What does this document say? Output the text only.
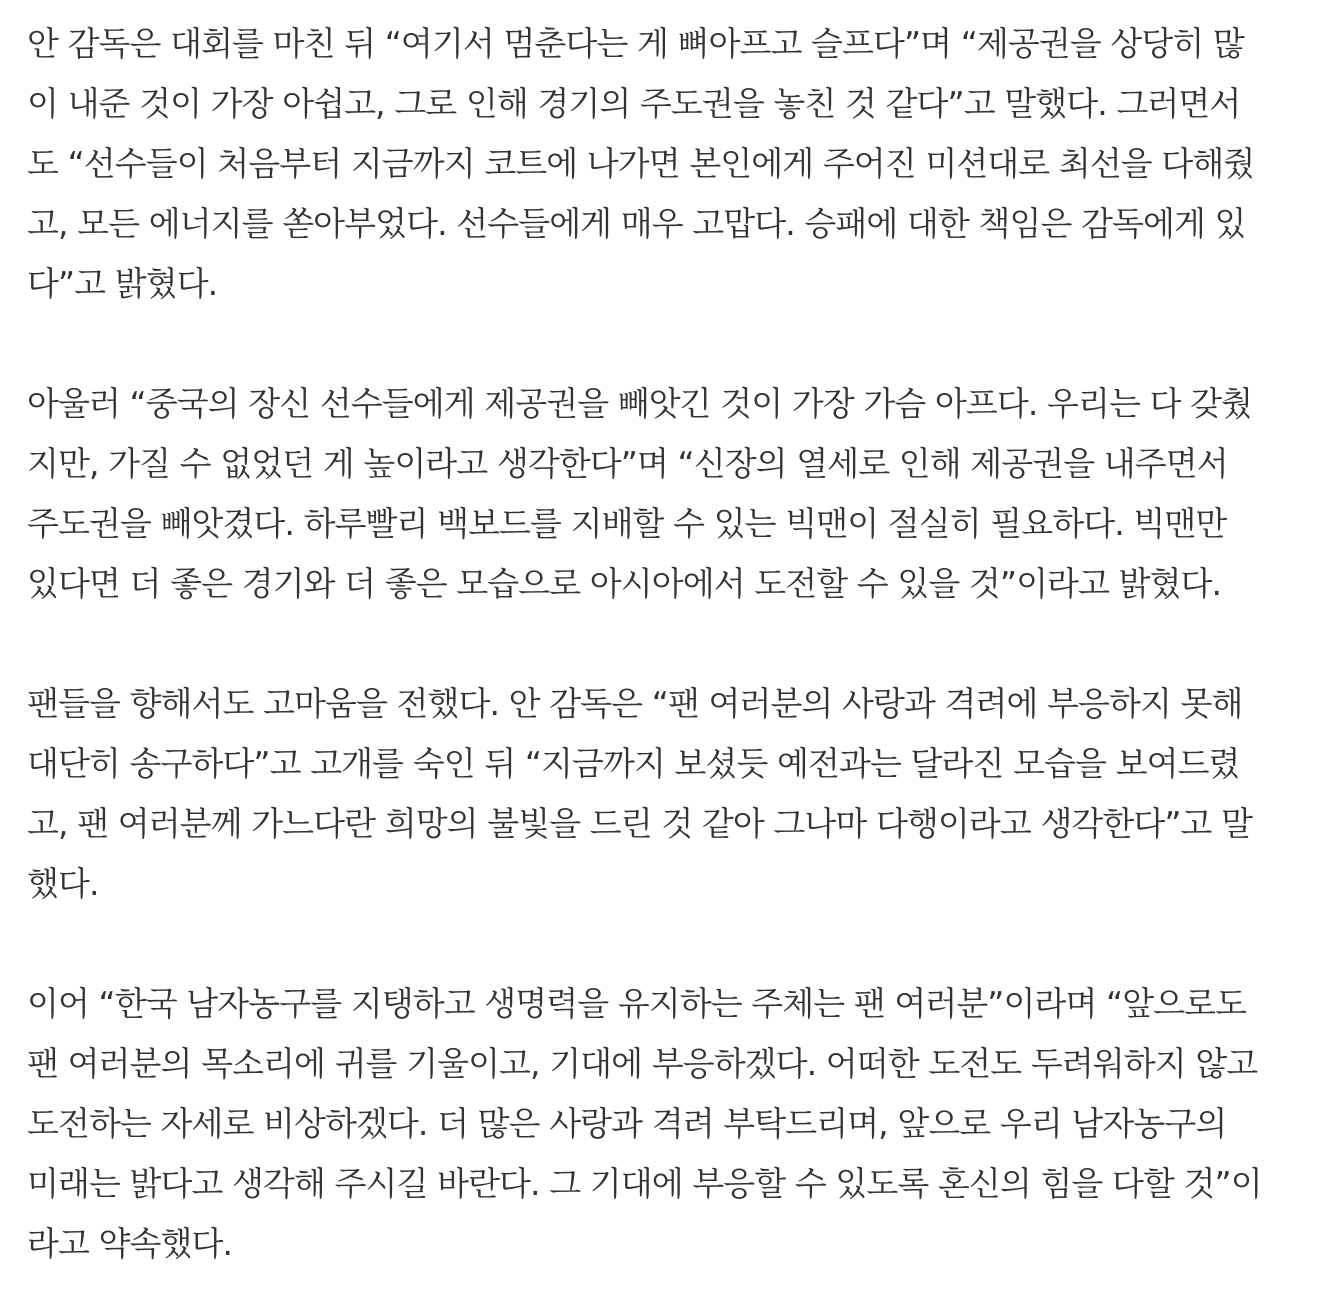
안 감독은 대회를 마친 뒤 “여기서 멈춘다는 게 뼈아프고 슬프다”며 “제공권을 상당히 많
이 내준 것이 가장 아쉽고, 그로 인해 경기의 주도권을 놓친 것 같다”고 말했다. 그러면서
도 “선수들이 처음부터 지금까지 코트에 나가면 본인에게 주어진 미션대로 최선을 다해줬
고, 모든 에너지를 쏟아부었다. 선수들에게 매우 고맙다. 승패에 대한 책임은 감독에게 있
다”고 밝혔다.
아울러 “중국의 장신 선수들에게 제공권을 빼앗긴 것이 가장 가슴 아프다. 우리는 다 갖췄
지만, 가질 수 없었던 게 높이라고 생각한다”며 “신장의 열세로 인해 제공권을 내주면서
주도권을 빼앗겼다. 하루빨리 백보드를 지배할 수 있는 빅맨이 절실히 필요하다. 빅맨만
있다면 더 좋은 경기와 더 좋은 모습으로 아시아에서 도전할 수 있을 것”이라고 밝혔다.
팬들을 향해서도 고마움을 전했다. 안 감독은 “팬 여러분의 사랑과 격려에 부응하지 못해
대단히 송구하다”고 고개를 숙인 뒤 “지금까지 보셨듯 예전과는 달라진 모습을 보여드렸
고, 팬 여러분께 가느다란 희망의 불빛을 드린 것 같아 그나마 다행이라고 생각한다”고 말
했다.
이어 “한국 남자농구를 지탱하고 생명력을 유지하는 주체는 팬 여러분”이라며 “앞으로도
팬 여러분의 목소리에 귀를 기울이고, 기대에 부응하겠다. 어떠한 도전도 두려워하지 않고
도전하는 자세로 비상하겠다. 더 많은 사랑과 격려 부탁드리며, 앞으로 우리 남자농구의
미래는 밝다고 생각해 주시길 바란다. 그 기대에 부응할 수 있도록 혼신의 힘을 다할 것”이
라고 약속했다.
